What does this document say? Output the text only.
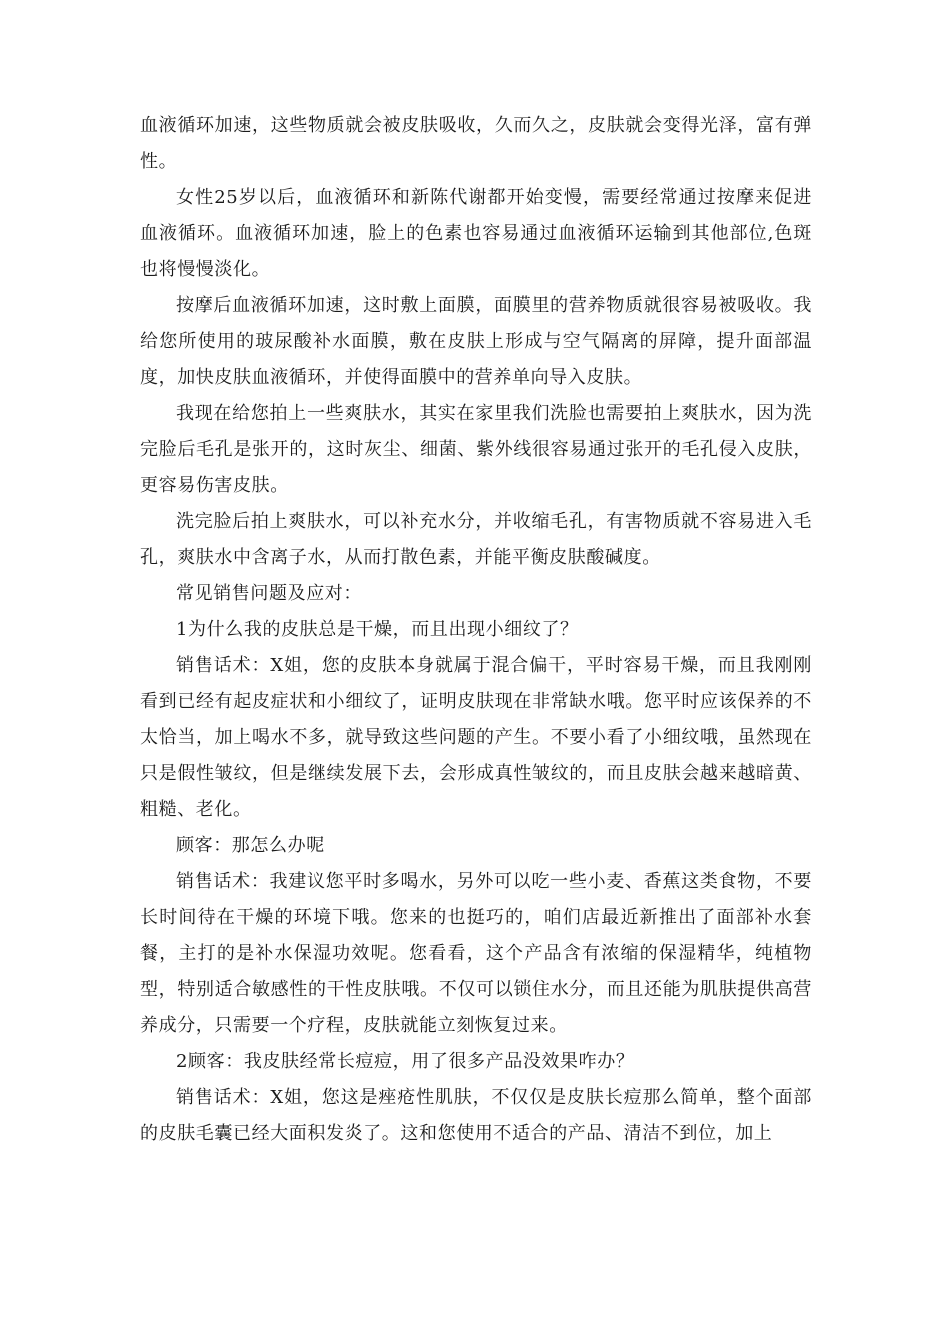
血液循环加速，这些物质就会被皮肤吸收，久而久之，皮肤就会变得光泽，富有弹性。

女性25岁以后，血液循环和新陈代谢都开始变慢，需要经常通过按摩来促进血液循环。血液循环加速，脸上的色素也容易通过血液循环运输到其他部位,色斑也将慢慢淡化。

按摩后血液循环加速，这时敷上面膜，面膜里的营养物质就很容易被吸收。我给您所使用的玻尿酸补水面膜，敷在皮肤上形成与空气隔离的屏障，提升面部温度，加快皮肤血液循环，并使得面膜中的营养单向导入皮肤。

我现在给您拍上一些爽肤水，其实在家里我们洗脸也需要拍上爽肤水，因为洗完脸后毛孔是张开的，这时灰尘、细菌、紫外线很容易通过张开的毛孔侵入皮肤，更容易伤害皮肤。

洗完脸后拍上爽肤水，可以补充水分，并收缩毛孔，有害物质就不容易进入毛孔，爽肤水中含离子水，从而打散色素，并能平衡皮肤酸碱度。

常见销售问题及应对：

1为什么我的皮肤总是干燥，而且出现小细纹了？

销售话术：X姐，您的皮肤本身就属于混合偏干，平时容易干燥，而且我刚刚看到已经有起皮症状和小细纹了，证明皮肤现在非常缺水哦。您平时应该保养的不太恰当，加上喝水不多，就导致这些问题的产生。不要小看了小细纹哦，虽然现在只是假性皱纹，但是继续发展下去，会形成真性皱纹的，而且皮肤会越来越暗黄、粗糙、老化。

顾客：那怎么办呢

销售话术：我建议您平时多喝水，另外可以吃一些小麦、香蕉这类食物，不要长时间待在干燥的环境下哦。您来的也挺巧的，咱们店最近新推出了面部补水套餐，主打的是补水保湿功效呢。您看看，这个产品含有浓缩的保湿精华，纯植物型，特别适合敏感性的干性皮肤哦。不仅可以锁住水分，而且还能为肌肤提供高营养成分，只需要一个疗程，皮肤就能立刻恢复过来。

2顾客：我皮肤经常长痘痘，用了很多产品没效果咋办？

销售话术：X姐，您这是痤疮性肌肤，不仅仅是皮肤长痘那么简单，整个面部的皮肤毛囊已经大面积发炎了。这和您使用不适合的产品、清洁不到位，加上
